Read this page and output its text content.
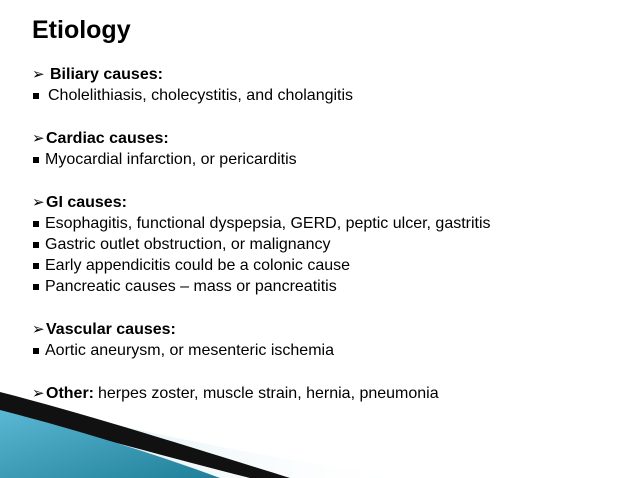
Etiology
➢ Biliary causes:
Cholelithiasis, cholecystitis, and cholangitis
➢ Cardiac causes:
Myocardial infarction, or pericarditis
➢ GI causes:
Esophagitis, functional dyspepsia, GERD, peptic ulcer, gastritis
Gastric outlet obstruction, or malignancy
Early appendicitis could be a colonic cause
Pancreatic causes – mass or pancreatitis
➢ Vascular causes:
Aortic aneurysm, or mesenteric ischemia
➢ Other: herpes zoster, muscle strain, hernia, pneumonia
